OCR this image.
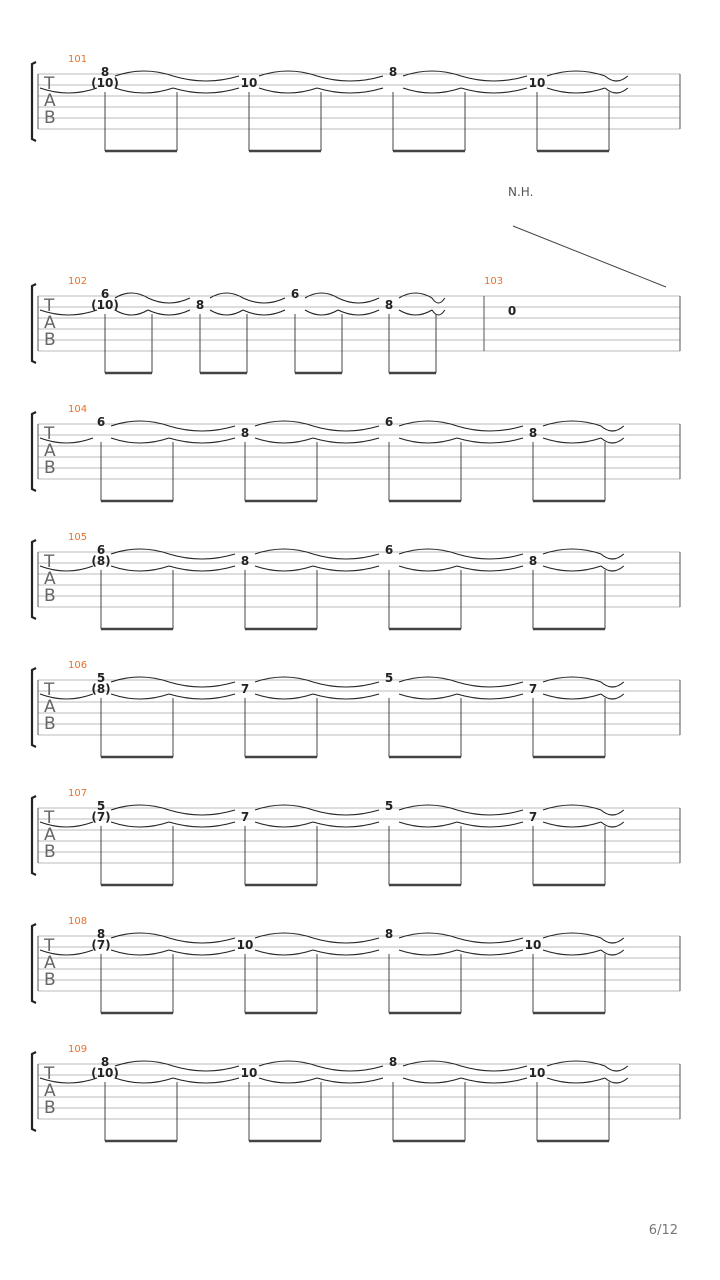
T
A
B
101
8
(10)	10
8
10
T
A
B
102
6
(10)	8
6
8
103
0
N.H.
T
A
B
104
6
8
6
8
T
A
B
105
6
(8)	8
6
8
T
A
B
106
5
(8)	7
5
7
T
A
B
107
5
(7)	7
5
7
T
A
B
108
8
(7)	10
8
10
T
A
B
109
8
(10)	10
8
10
6/12
